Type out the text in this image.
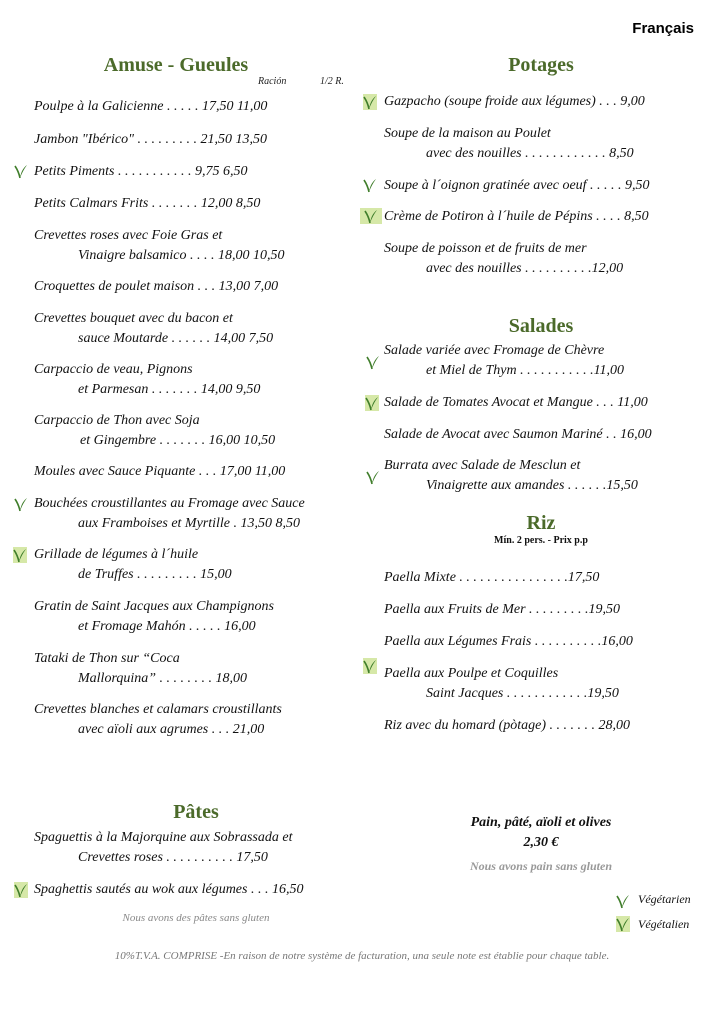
Français
Amuse - Gueules
Ración	1/2 R.
Poulpe à la Galicienne . . . . . 17,50 11,00
Jambon "Ibérico" . . . . . . . . . 21,50 13,50
Petits Piments . . . . . . . . . . . 9,75 6,50
Petits Calmars Frits . . . . . . . 12,00 8,50
Crevettes roses avec Foie Gras et
Vinaigre balsamico . . . . 18,00 10,50
Croquettes de poulet maison . . . 13,00 7,00
Crevettes bouquet avec du bacon et
sauce Moutarde . . . . . . 14,00 7,50
Carpaccio de veau, Pignons
et Parmesan . . . . . . . 14,00 9,50
Carpaccio de Thon avec Soja
et Gingembre . . . . . . . 16,00 10,50
Moules avec Sauce Piquante . . . 17,00 11,00
Bouchées croustillantes au Fromage avec Sauce
aux Framboises et Myrtille . 13,50 8,50
Grillade de légumes à l´huile
de Truffes . . . . . . . . . 15,00
Gratin de Saint Jacques aux Champignons
et Fromage Mahón . . . . . 16,00
Tataki de Thon sur “Coca
Mallorquina” . . . . . . . . 18,00
Crevettes blanches et calamars croustillants
avec aïoli aux agrumes . . . 21,00
Potages
Gazpacho (soupe froide aux légumes) . . . 9,00
Soupe de la maison au Poulet
avec des nouilles . . . . . . . . . . . . 8,50
Soupe à l´oignon gratinée avec oeuf . . . . . 9,50
Crème de Potiron à l´huile de Pépins . . . . 8,50
Soupe de poisson et de fruits de mer
avec des nouilles . . . . . . . . . .12,00
Salades
Salade variée avec Fromage de Chèvre
et Miel de Thym . . . . . . . . . . .11,00
Salade de Tomates Avocat et Mangue . . . 11,00
Salade de Avocat avec Saumon Mariné . . 16,00
Burrata avec Salade de Mesclun et
Vinaigrette aux amandes . . . . . .15,50
Riz
Mín. 2 pers. - Prix p.p
Paella Mixte . . . . . . . . . . . . . . . .17,50
Paella aux Fruits de Mer . . . . . . . . .19,50
Paella aux Légumes Frais . . . . . . . . . .16,00
Paella aux Poulpe et Coquilles
Saint Jacques . . . . . . . . . . . .19,50
Riz avec du homard (pòtage) . . . . . . . 28,00
Pâtes
Spaguettis à la Majorquine aux Sobrassada et
Crevettes roses . . . . . . . . . . 17,50
Spaghettis sautés au wok aux légumes . . . 16,50
Nous avons des pâtes sans gluten
Pain, pâté, aïoli et olives
2,30 €
Nous avons pain sans gluten
Végétarien
Végétalien
10%T.V.A. COMPRISE -En raison de notre système de facturation, una seule note est établie pour chaque table.
